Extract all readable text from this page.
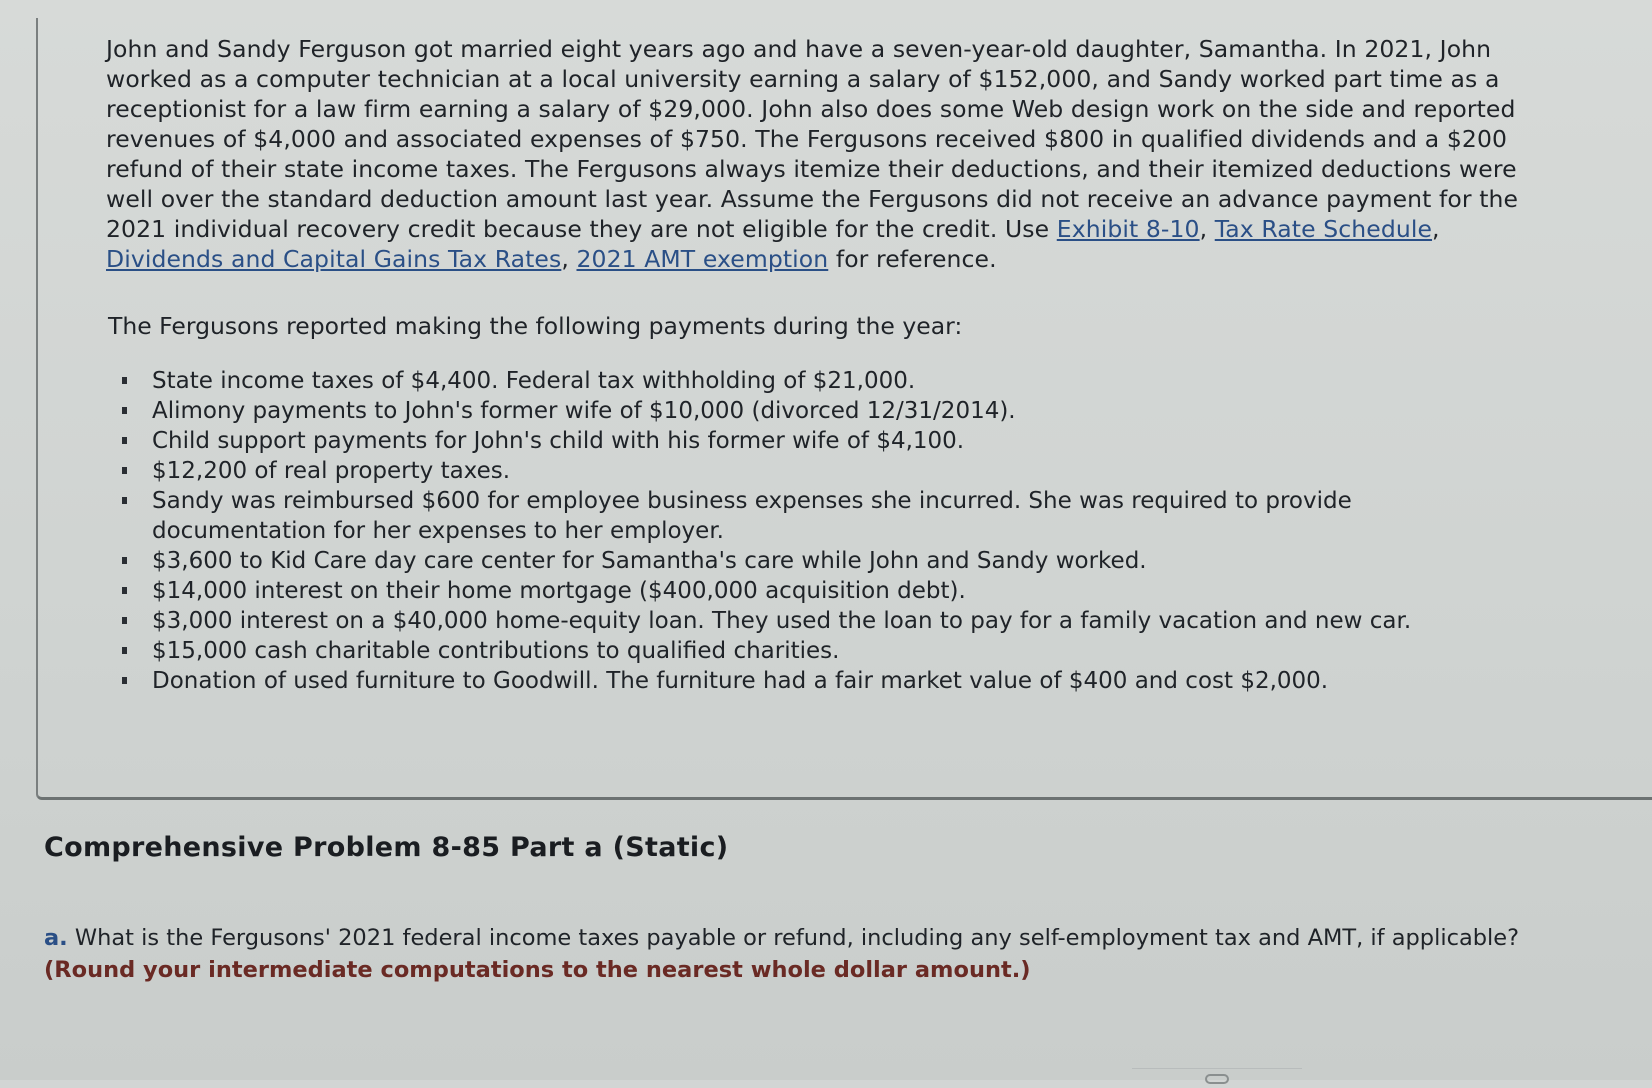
John and Sandy Ferguson got married eight years ago and have a seven-year-old daughter, Samantha. In 2021, John worked as a computer technician at a local university earning a salary of $152,000, and Sandy worked part time as a receptionist for a law firm earning a salary of $29,000. John also does some Web design work on the side and reported revenues of $4,000 and associated expenses of $750. The Fergusons received $800 in qualified dividends and a $200 refund of their state income taxes. The Fergusons always itemize their deductions, and their itemized deductions were well over the standard deduction amount last year. Assume the Fergusons did not receive an advance payment for the 2021 individual recovery credit because they are not eligible for the credit. Use Exhibit 8-10, Tax Rate Schedule, Dividends and Capital Gains Tax Rates, 2021 AMT exemption for reference.

The Fergusons reported making the following payments during the year:
State income taxes of $4,400. Federal tax withholding of $21,000.
Alimony payments to John's former wife of $10,000 (divorced 12/31/2014).
Child support payments for John's child with his former wife of $4,100.
$12,200 of real property taxes.
Sandy was reimbursed $600 for employee business expenses she incurred. She was required to provide documentation for her expenses to her employer.
$3,600 to Kid Care day care center for Samantha's care while John and Sandy worked.
$14,000 interest on their home mortgage ($400,000 acquisition debt).
$3,000 interest on a $40,000 home-equity loan. They used the loan to pay for a family vacation and new car.
$15,000 cash charitable contributions to qualified charities.
Donation of used furniture to Goodwill. The furniture had a fair market value of $400 and cost $2,000.
Comprehensive Problem 8-85 Part a (Static)
a. What is the Fergusons' 2021 federal income taxes payable or refund, including any self-employment tax and AMT, if applicable?
(Round your intermediate computations to the nearest whole dollar amount.)
